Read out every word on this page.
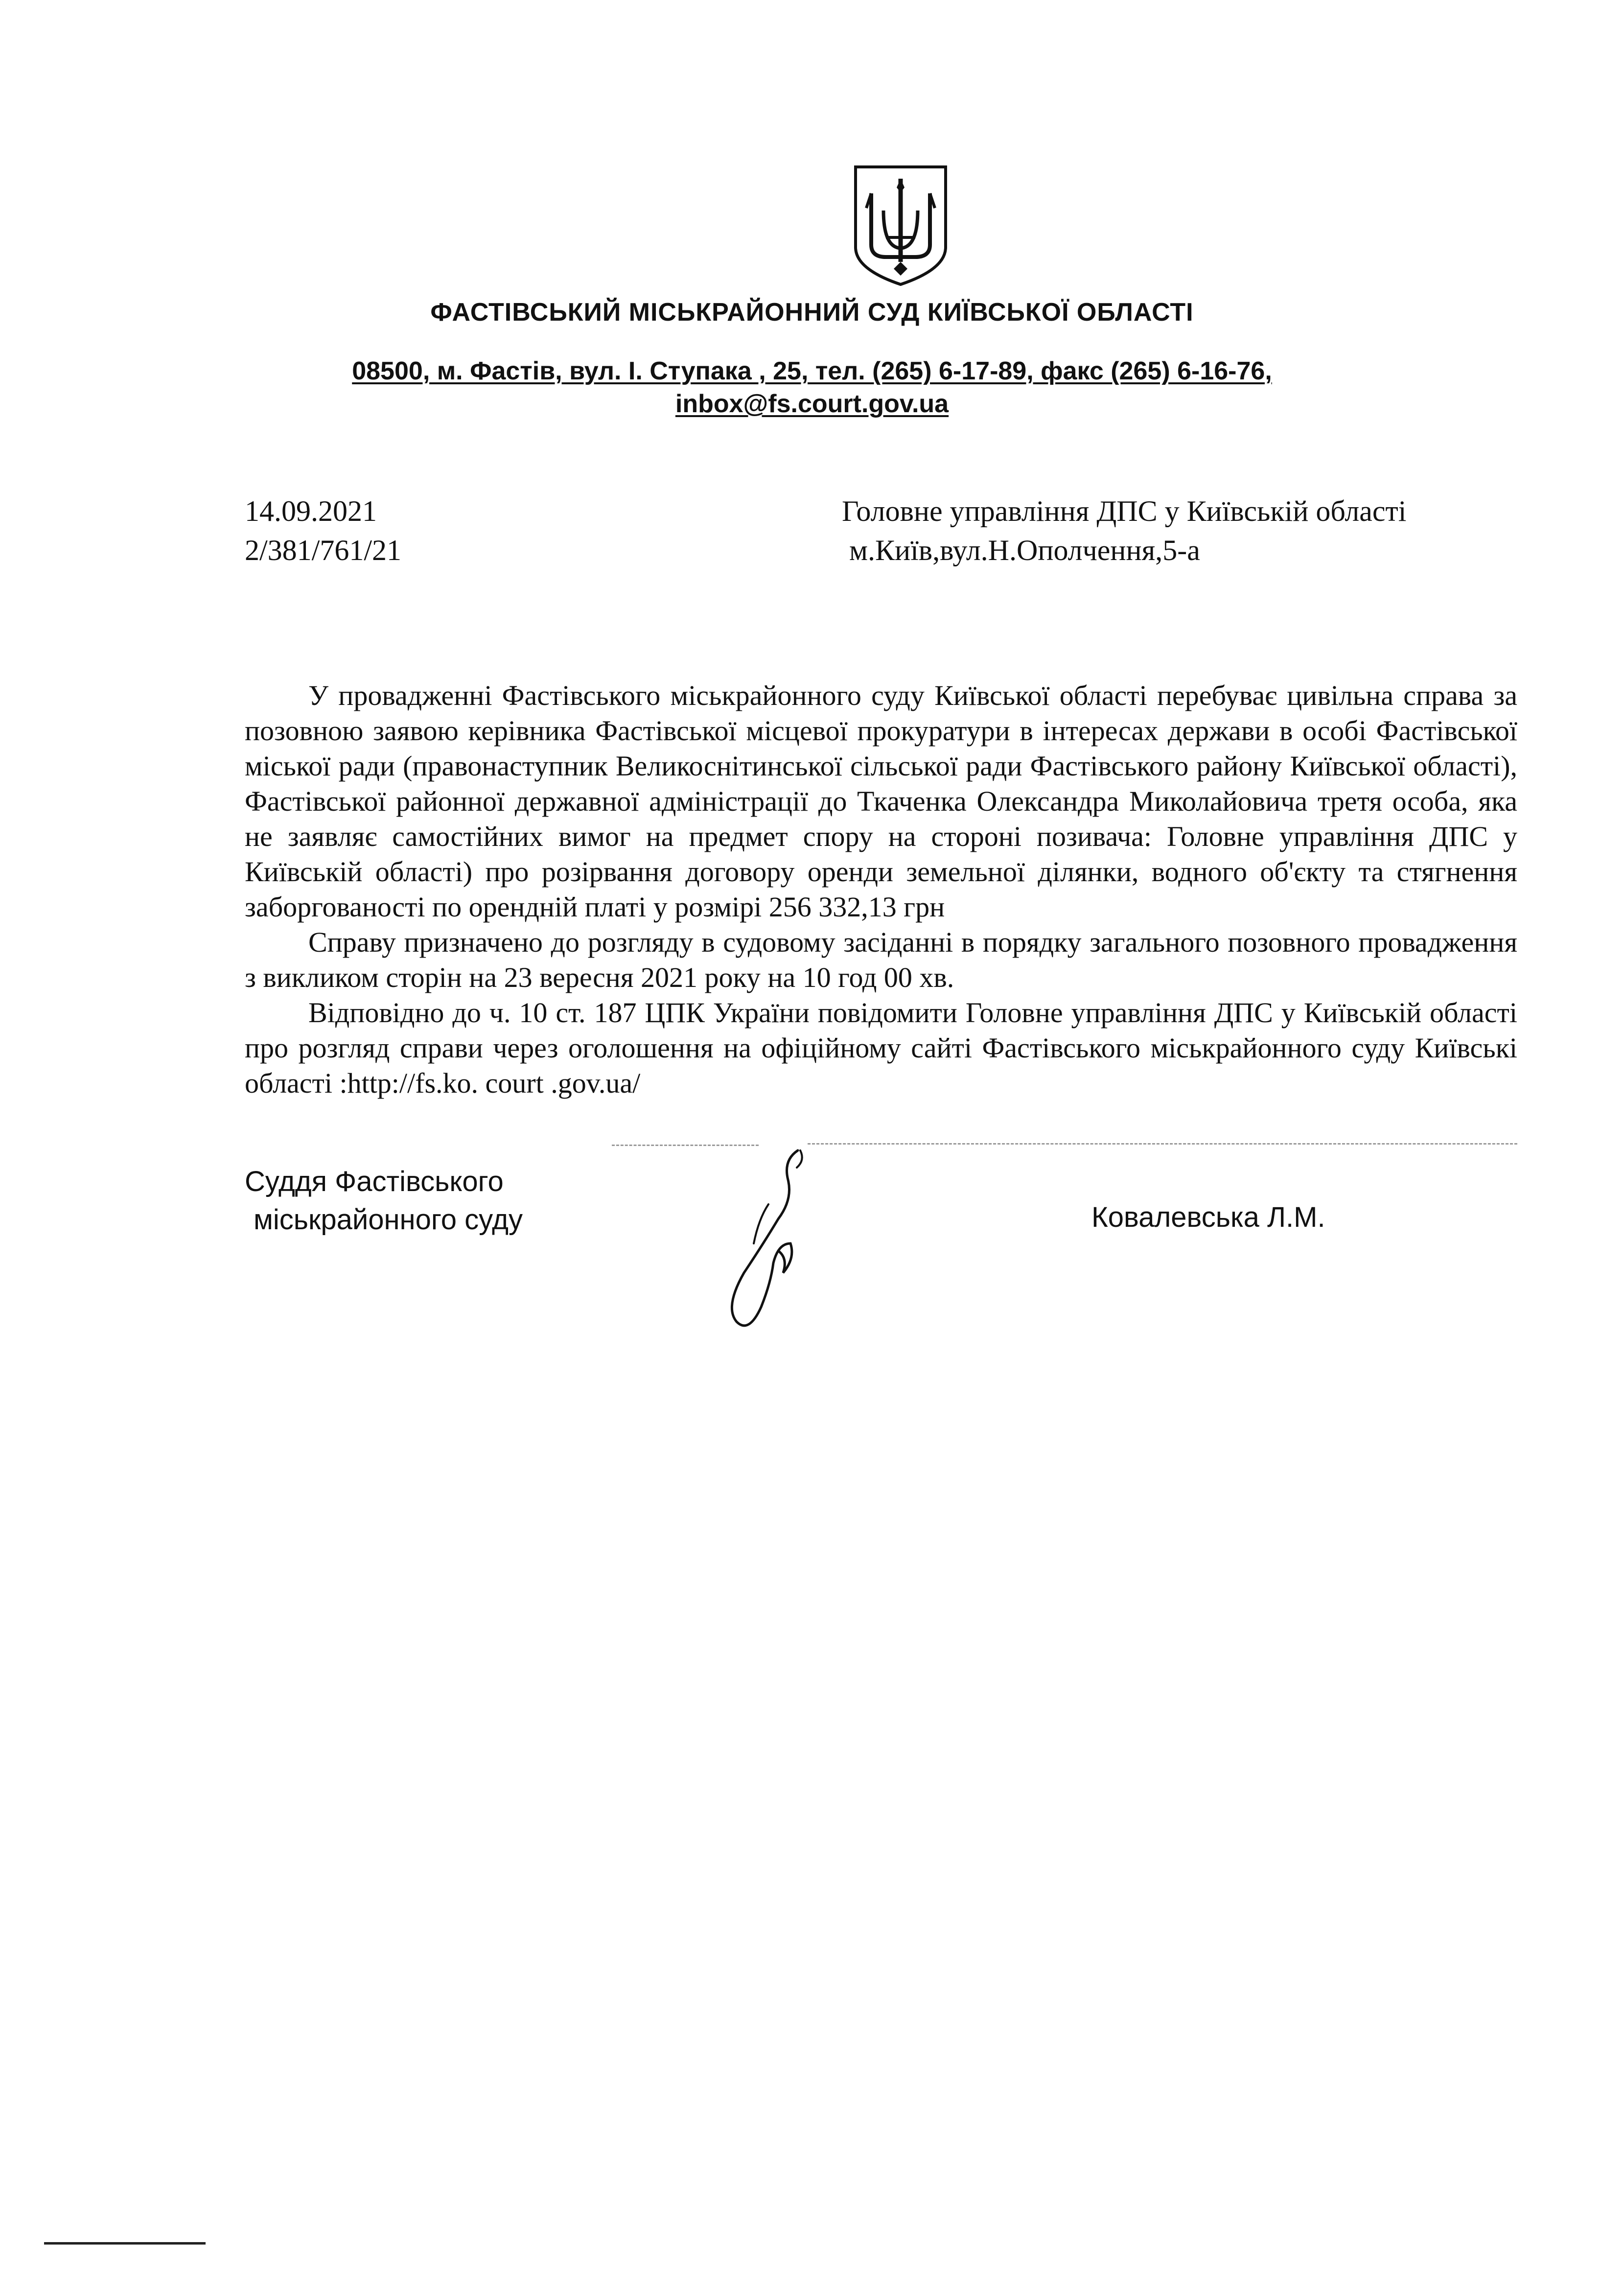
ФАСТІВСЬКИЙ МІСЬКРАЙОННИЙ СУД КИЇВСЬКОЇ ОБЛАСТІ
08500, м. Фастів, вул. І. Ступака , 25, тел. (265) 6-17-89, факс (265) 6-16-76,
inbox@fs.court.gov.ua
14.09.2021
2/381/761/21
Головне управління ДПС у Київській області
м.Київ,вул.Н.Ополчення,5-а

У провадженні Фастівського міськрайонного суду Київської області перебуває цивільна справа за позовною заявою керівника Фастівської місцевої прокуратури в інтересах держави в особі Фастівської міської ради (правонаступник Великоснітинської сільської ради Фастівського району Київської області), Фастівської районної державної адміністрації до Ткаченка Олександра Миколайовича третя особа, яка не заявляє самостійних вимог на предмет спору на стороні позивача: Головне управління ДПС у Київській області) про розірвання договору оренди земельної ділянки, водного об'єкту та стягнення заборгованості по орендній платі у розмірі 256 332,13 грн

Справу призначено до розгляду в судовому засіданні в порядку загального позовного провадження з викликом сторін на 23 вересня 2021 року на 10 год 00 хв.

Відповідно до ч. 10 ст. 187 ЦПК України повідомити Головне управління ДПС у Київській області про розгляд справи через оголошення на офіційному сайті Фастівського міськрайонного суду Київські області :http://fs.ko. court .gov.ua/

Суддя Фастівського
міськрайонного суду	Ковалевська Л.М.
